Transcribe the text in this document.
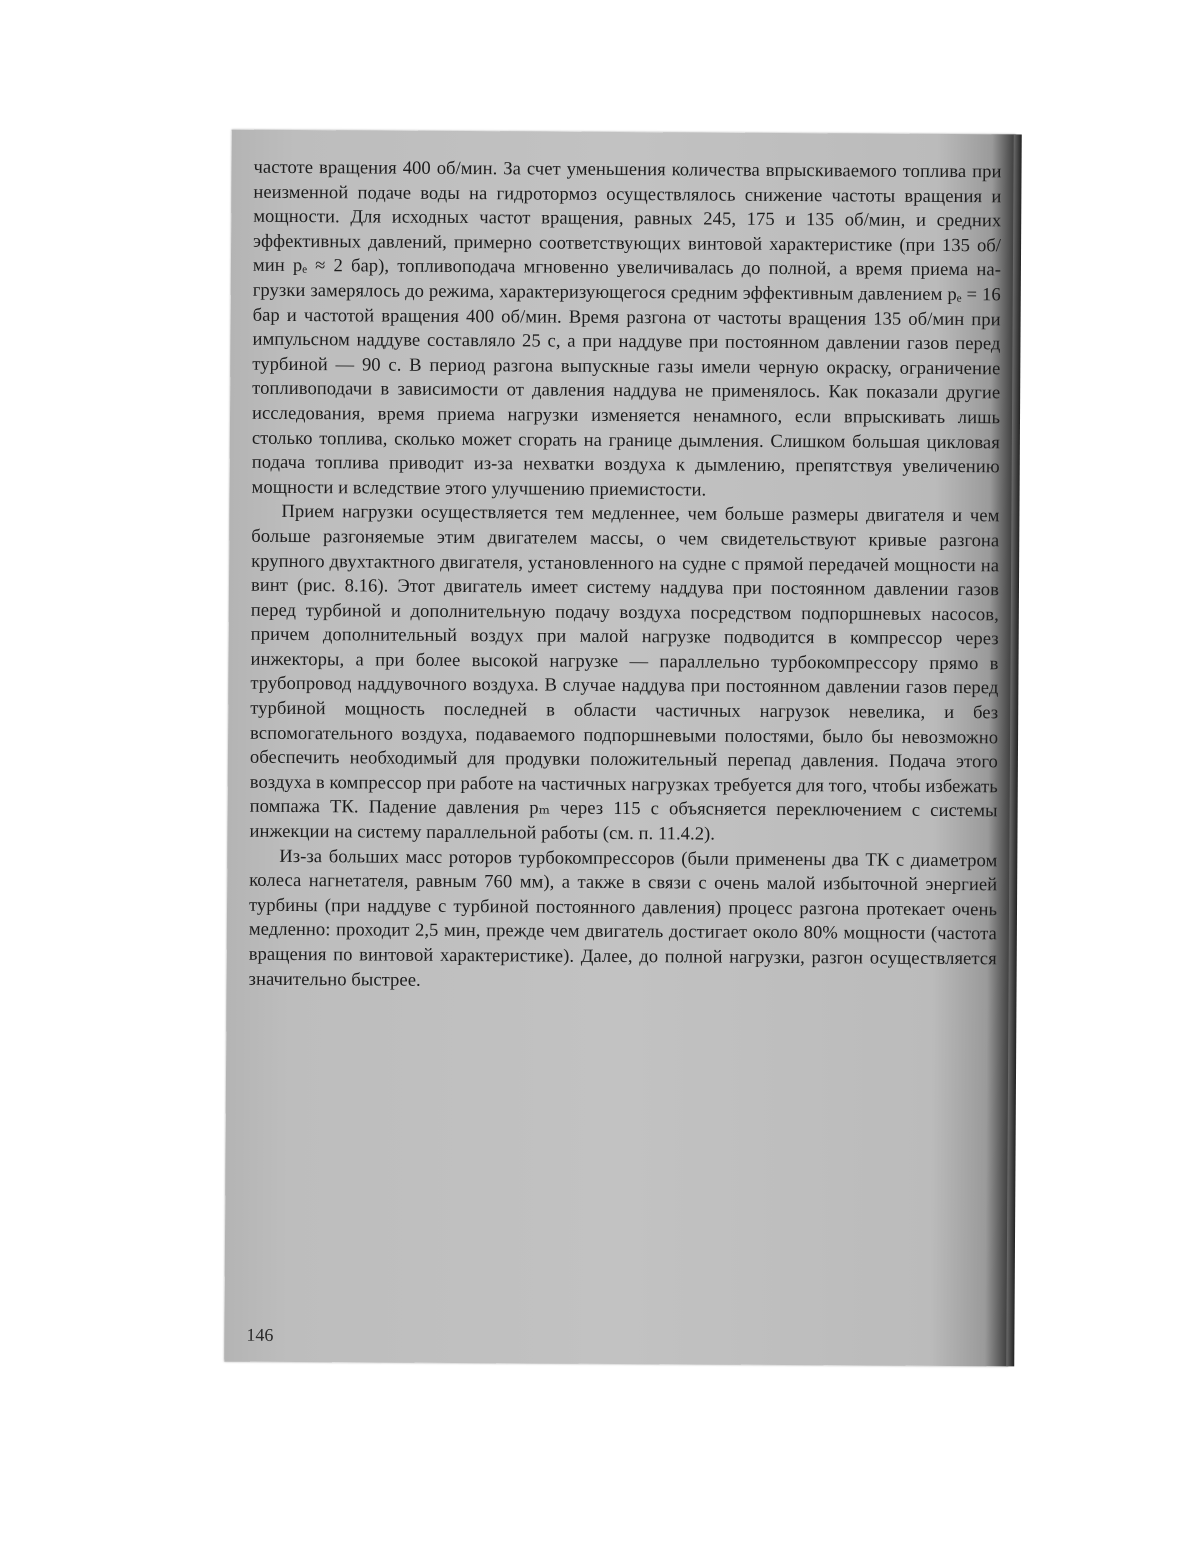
частоте вращения 400 об/мин. За счет уменьшения количества впрыскиваемого топлива при неизменной подаче воды на гидротормоз осуществлялось снижение частоты вращения и мощности. Для исходных частот вращения, равных 245, 175 и 135 об/мин, и средних эффективных давлений, примерно соответствующих винтовой характеристике (при 135 об/мин pₑ ≈ 2 бар), топливоподача мгновенно увеличивалась до полной, а время приема нагрузки замерялось до режима, характеризующегося средним эффективным давлением pₑ = 16 бар и частотой вращения 400 об/мин. Время разгона от частоты вращения 135 об/мин при импульсном наддуве составляло 25 с, а при наддуве при постоянном давлении газов перед турбиной — 90 с. В период разгона выпускные газы имели черную окраску, ограничение топливоподачи в зависимости от давления наддува не применялось. Как показали другие исследования, время приема нагрузки изменяется ненамного, если впрыскивать лишь столько топлива, сколько может сгорать на границе дымления. Слишком большая цикловая подача топлива приводит из-за нехватки воздуха к дымлению, препятствуя увеличению мощности и вследствие этого улучшению приемистости.

Прием нагрузки осуществляется тем медленнее, чем больше размеры двигателя и чем больше разгоняемые этим двигателем массы, о чем свидетельствуют кривые разгона крупного двухтактного двигателя, установленного на судне с прямой передачей мощности на винт (рис. 8.16). Этот двигатель имеет систему наддува при постоянном давлении газов перед турбиной и дополнительную подачу воздуха посредством подпоршневых насосов, причем дополнительный воздух при малой нагрузке подводится в компрессор через инжекторы, а при более высокой нагрузке — параллельно турбокомпрессору прямо в трубопровод наддувочного воздуха. В случае наддува при постоянном давлении газов перед турбиной мощность последней в области частичных нагрузок невелика, и без вспомогательного воздуха, подаваемого подпоршневыми полостями, было бы невозможно обеспечить необходимый для продувки положительный перепад давления. Подача этого воздуха в компрессор при работе на частичных нагрузках требуется для того, чтобы избежать помпажа ТК. Падение давления pₘ через 115 с объясняется переключением с системы инжекции на систему параллельной работы (см. п. 11.4.2).

Из-за больших масс роторов турбокомпрессоров (были применены два ТК с диаметром колеса нагнетателя, равным 760 мм), а также в связи с очень малой избыточной энергией турбины (при наддуве с турбиной постоянного давления) процесс разгона протекает очень медленно: проходит 2,5 мин, прежде чем двигатель достигает около 80% мощности (частота вращения по винтовой характеристике). Далее, до полной нагрузки, разгон осуществляется значительно быстрее.

146
